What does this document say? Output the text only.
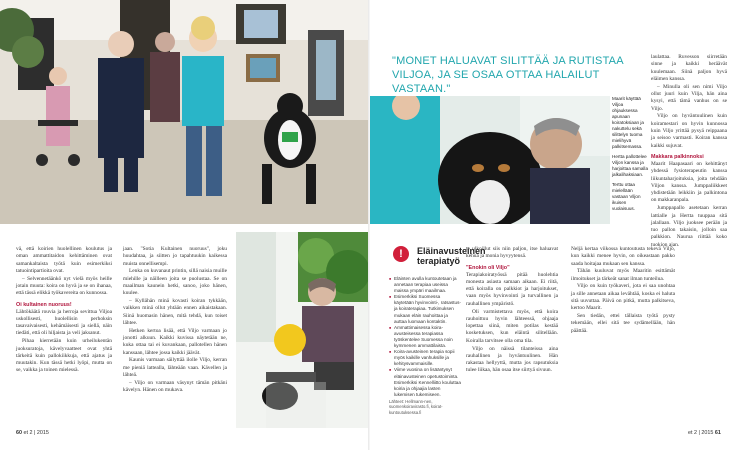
"MONET HALUAVAT SILITTÄÄ JA RUTISTAA VILJOA, JA SE OSAA OTTAA HALAILUT VASTAAN."

Maarit käyttää Viljoa ohjauksessa apunaan koiratoksiaan ja nakuttelu sekä silittelyn tuoma mielihyvä palkitsemassa.

Hertta pallottelee Viljon kanssa ja harjoittaa samalla jalkalihaksiaan.

Terttu ottaa mielellään vastaan Viljon ikuisen vuolaisuus.

vä, että koirien huolellinen koulutus ja oman ammattitaidon kehittäminen ovat samankaltaista työtä kuin esimerkiksi tatuointipartioita ovat.

– Selvennetäänkö nyt vielä myös heille jotain muuta: koira on hyvä ja se on ihanaa, että tässä elikkä työkavereita on kunnossa.

Oi kultainen nuoruus!

Lähtökäätä rouvia ja herroja sevittua Viljoa uskollisesti, huolellisin perhoksin tasavaivaisesti, kehämäisesti ja siellä, näin tiedäti, että oli hiljaista ja veli jaksanut.

Pihaa kierretään kuin urheilukentän juoksuratoja, kävelyvaatteet ovat yhtä tärkeitä kuin pallokiikkuja, että ajatus ja muutakin. Kun tässä hetki lyöpi, mutta on se, vaikka ja toinen mielessä.

jaan. "Sotia Kultainen nuoruus", joku huudahtaa, ja siitten jo tapahtuukin kaikessa muista onnellisempi.

Lenka on kuvanaut printin, sillä naisia muille miehille ja näilleen joita se puolustaa. Se on maailman kaunein hetki, sanoo, joko hänen, kuulee.

– Kyllähän minä kovasti koiran tykkään, vaikken minä ollut yhtään ennen aikaistakaan. Siinä huomasin hänen, mitä tehdä, kun toiset lähtee.

Hetken kertoa lisää, että Viljo varmaan jo jonotti alkuun. Kaikki kuvissa näytetään ne, kuka ottaa tai ei kuvankaan, pallotellen hänen kanssaan, lähtee jossa kaikki jäävät.

Kaunis varmaan säilyttää ilolle Viljo, kerran me pieniä lattealla, lähteään vaan. Kävellen ja lähteä.

– Viljo on varmaan väsynyt tämän pitkäni kävelyn. Hänen on mukava.

!	Eläinavusteinen terapiatyö
■ Eläinten avulla kuntoutetaan ja annetaan terapiaa useissa maissa ympäri maailmaa.
■ Esimerkiksi Suomessa käytetään hyvinvointi-, ratsastus- ja koiraterapiaa. Tutkimuksen mukaan eläin rauhoittaa ja auttaa luomaan kontaktin.
■ Ammattimaisessa koira-avusteisessa terapiassa työskentelee Suomessa noin kymmenen ammattilaista.
■ Koira-avusteinen terapia sopii myös kaikille vanhuksille ja kehitysvammaisille.
■ Viime vuosina on lisääntynyt eläinavusteinen opetustoiminta. Esimerkiksi Kennelliitto kouluttaa koiria ja ohjaajia lasten lukemisen tukemiseen.
Lähteet: Hellmann-nen, suomenkoiravirasto.fi, koirat-kuntoutuksessa.fi

te ulkoillut siis niin paljon, itse haluavat kehua ja monia hyvyytensä.

"Enokin oli Viljo"

Terapiakoiratyössä pitää huolehtia monesta asiasta samaan aikaan. Ei riitä, että koiralla on palkkiot ja harjoitukset, vaan myös hyvinvointi ja turvallinen ja rauhallinen ympäristö.

Oli varmistettava myös, että koira rauhoittuu hyvin lähteessä, ohjaaja lopettaa siinä, miten potilas kestää kosketuksen, kun eläintä silitellään. Koiralla tarvitsee olla oma tila.

Viljo on näissä tilanteissa aina rauhallinen ja hyväntuulinen. Hän rakastaa hellyyttä, mutta jos rapsutuksia tulee liikaa, hän osaa itse siirtyä sivuun.

Neljä kertaa viikossa kuntoutusta tekevä Viljo, kun kaikki menee hyvin, on oikeastaan pakko saada hoitajaa mukaan sen kanssa.

Tähän kuuluvat myös Maaritin esittämät ilmoitukset ja tärkeät sanat ilman tunteilua.

Viljo on kuin työkaveri, jota ei saa unohtaa ja sille annetaan aikaa levähtää, koska ei haluta sitä uuvuttaa. Päivä on pitkä, mutta palkitseva, kertoo Maarit.

Sen tiedän, ettei tällaista työtä pysty tekemään, ellei sitä tee sydämellään, hän päättää.

laulattaa. Ruvesson siirretään sinne ja kaikki heräävät kuulemaan. Siinä paljon hyvä eläimen kanssa.

– Minulla oli sen nimi Viljo ollut juuri kuin Vilja, hän aina kysyi, että tämä vanhus on se Viljo.

Viljo on hyväntuulinen kuin koiramestari on hyvin kunnossa kuin Viljo yrittää pysyä reippaana ja seisoo varmasti. Koiran kanssa kaikki sujuvat.

Makkara palkinnoksi

Maarit Haapasaari on kehittänyt yhdessä fysioterapeutin kanssa liikuntaharjoituksia, joita tehdään Viljon kanssa. Jumppaliikkeet yhdistetään leikkiin ja palkintona on makkaranpala.

Jumppapallo asetetaan kerran lattialle ja Hertta tuuppaa sitä jalallaan. Viljo juoksee perään ja tuo pallon takaisin, jolloin saa palkkion. Naurua riittää koko tuokion ajan.

60 et 2 | 2015	et 2 | 2015 61
